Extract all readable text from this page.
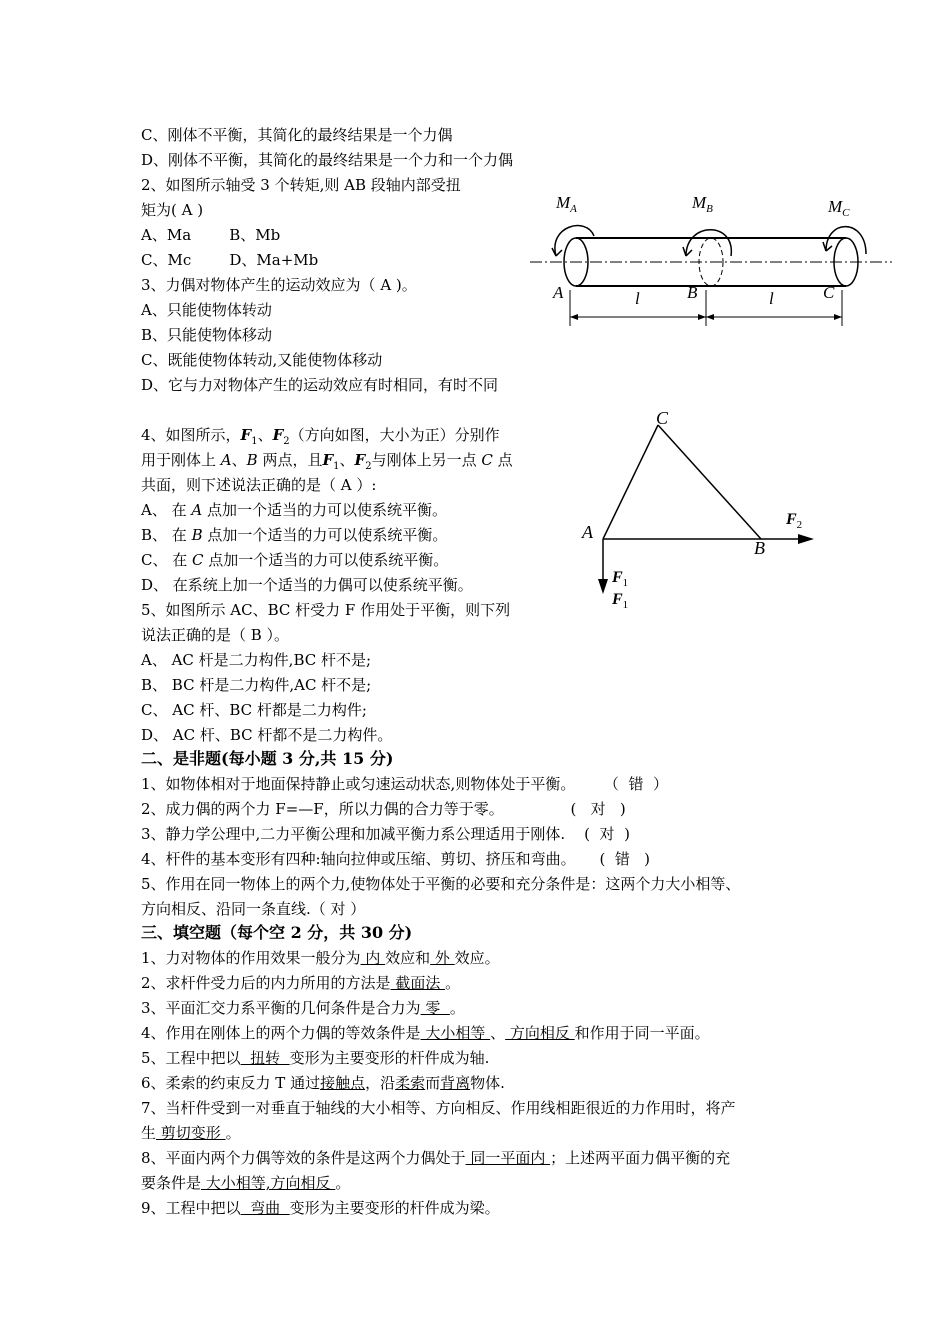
C、刚体不平衡，其简化的最终结果是一个力偶
D、刚体不平衡，其简化的最终结果是一个力和一个力偶
2、如图所示轴受 3 个转矩,则 AB 段轴内部受扭
矩为( A )
A、Ma        B、Mb
C、Mc        D、Ma+Mb
3、力偶对物体产生的运动效应为（ A )。
A、只能使物体转动
B、只能使物体移动
C、既能使物体转动,又能使物体移动
D、它与力对物体产生的运动效应有时相同，有时不同
$M_A$	$M_B$	$M_C$
A	B	C
l	l
4、如图所示，$F_1$、$F_2$（方向如图，大小为正）分别作
用于刚体上 A、B 两点，且$F_1$、$F_2$与刚体上另一点 C 点
共面，则下述说法正确的是（ A ）:
A、 在 A 点加一个适当的力可以使系统平衡。
B、 在 B 点加一个适当的力可以使系统平衡。
C、 在 C 点加一个适当的力可以使系统平衡。
D、 在系统上加一个适当的力偶可以使系统平衡。
C
A
B
$F_2$
$F_1$
$F_1$
5、如图所示 AC、BC 杆受力 F 作用处于平衡，则下列
说法正确的是（ B ）。
A、 AC 杆是二力构件,BC 杆不是;
B、 BC 杆是二力构件,AC 杆不是;
C、 AC 杆、BC 杆都是二力构件;
D、 AC 杆、BC 杆都不是二力构件。
二、是非题(每小题 3 分,共 15 分)
1、如物体相对于地面保持静止或匀速运动状态,则物体处于平衡。      （  错  ）
2、成力偶的两个力 F=—F，所以力偶的合力等于零。              (   对   )
3、静力学公理中,二力平衡公理和加减平衡力系公理适用于刚体.    (  对  )
4、杆件的基本变形有四种:轴向拉伸或压缩、剪切、挤压和弯曲。     (  错   )
5、作用在同一物体上的两个力,使物体处于平衡的必要和充分条件是：这两个力大小相等、
方向相反、沿同一条直线.（ 对 ）
三、填空题（每个空 2 分，共 30 分)
1、力对物体的作用效果一般分为 内 效应和 外 效应。
2、求杆件受力后的内力所用的方法是 截面法 。
3、平面汇交力系平衡的几何条件是合力为 零  。
4、作用在刚体上的两个力偶的等效条件是 大小相等 、 方向相反 和作用于同一平面。
5、工程中把以  扭转  变形为主要变形的杆件成为轴.
6、柔索的约束反力 T 通过接触点，沿柔索而背离物体.
7、当杆件受到一对垂直于轴线的大小相等、方向相反、作用线相距很近的力作用时，将产
生 剪切变形 。
8、平面内两个力偶等效的条件是这两个力偶处于 同一平面内 ；上述两平面力偶平衡的充
要条件是 大小相等,方向相反 。
9、工程中把以  弯曲  变形为主要变形的杆件成为梁。
